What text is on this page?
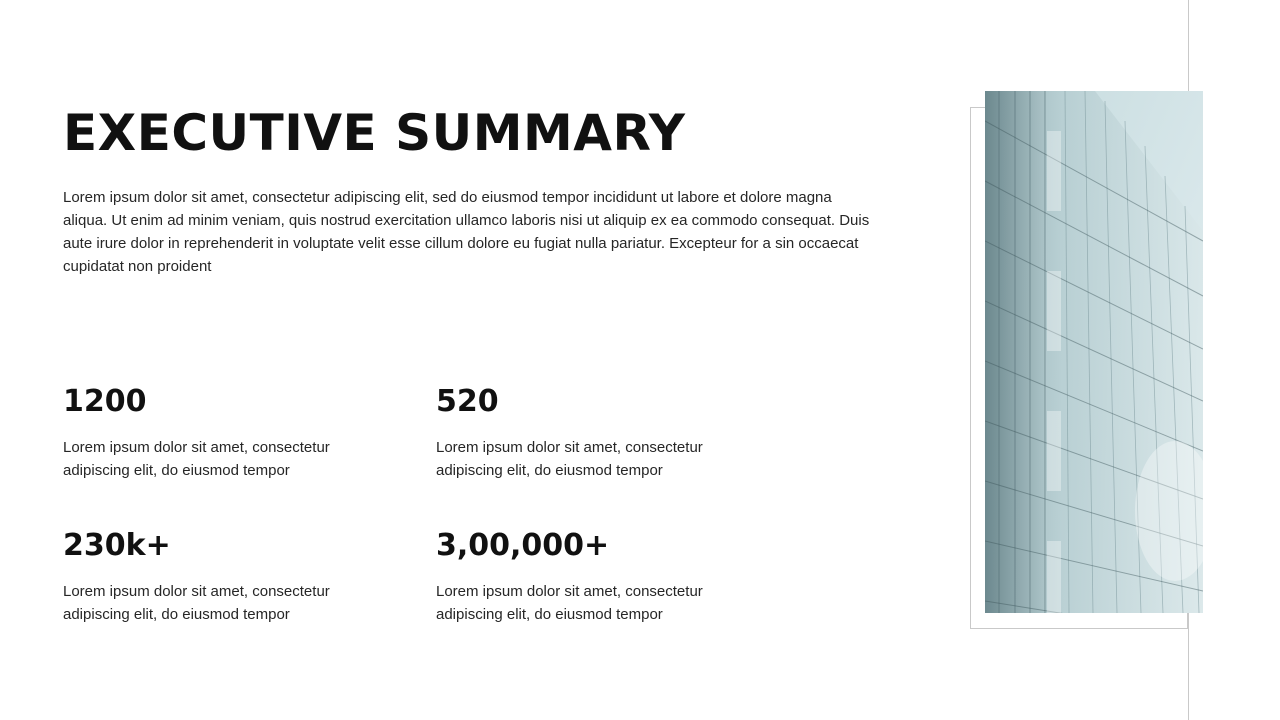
EXECUTIVE SUMMARY

Lorem ipsum dolor sit amet, consectetur adipiscing elit, sed do eiusmod tempor incididunt ut labore et dolore magna aliqua. Ut enim ad minim veniam, quis nostrud exercitation ullamco laboris nisi ut aliquip ex ea commodo consequat. Duis aute irure dolor in reprehenderit in voluptate velit esse cillum dolore eu fugiat nulla pariatur. Excepteur for a sin occaecat cupidatat non proident

1200

Lorem ipsum dolor sit amet, consectetur adipiscing elit, do eiusmod tempor

520

Lorem ipsum dolor sit amet, consectetur adipiscing elit, do eiusmod tempor

230k+

Lorem ipsum dolor sit amet, consectetur adipiscing elit, do eiusmod tempor

3,00,000+

Lorem ipsum dolor sit amet, consectetur adipiscing elit, do eiusmod tempor
